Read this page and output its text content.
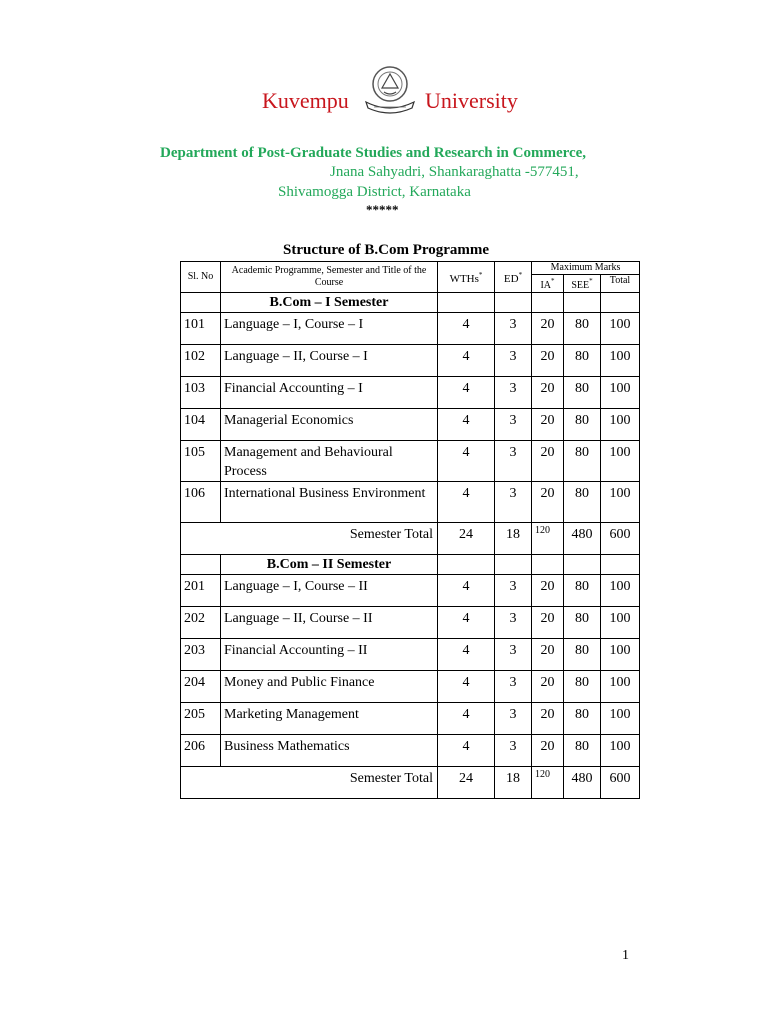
Kuvempu	University
Department of Post-Graduate Studies and Research in Commerce,
Jnana Sahyadri, Shankaraghatta -577451,
Shivamogga District, Karnataka
*****
Structure of B.Com Programme
Sl. No	Academic Programme, Semester and Title of the Course	WTHs*	ED*	Maximum Marks		
				IA*	SEE*	Total
	B.Com – I Semester					
101	Language – I, Course – I	4	3	20	80	100
102	Language – II, Course – I	4	3	20	80	100
103	Financial Accounting – I	4	3	20	80	100
104	Managerial Economics	4	3	20	80	100
105	Management and Behavioural Process	4	3	20	80	100
106	International Business Environment	4	3	20	80	100
Semester Total		24	18	120	480	600
	B.Com – II Semester					
201	Language – I, Course – II	4	3	20	80	100
202	Language – II, Course – II	4	3	20	80	100
203	Financial Accounting – II	4	3	20	80	100
204	Money and Public Finance	4	3	20	80	100
205	Marketing Management	4	3	20	80	100
206	Business Mathematics	4	3	20	80	100
Semester Total		24	18	120	480	600
1
